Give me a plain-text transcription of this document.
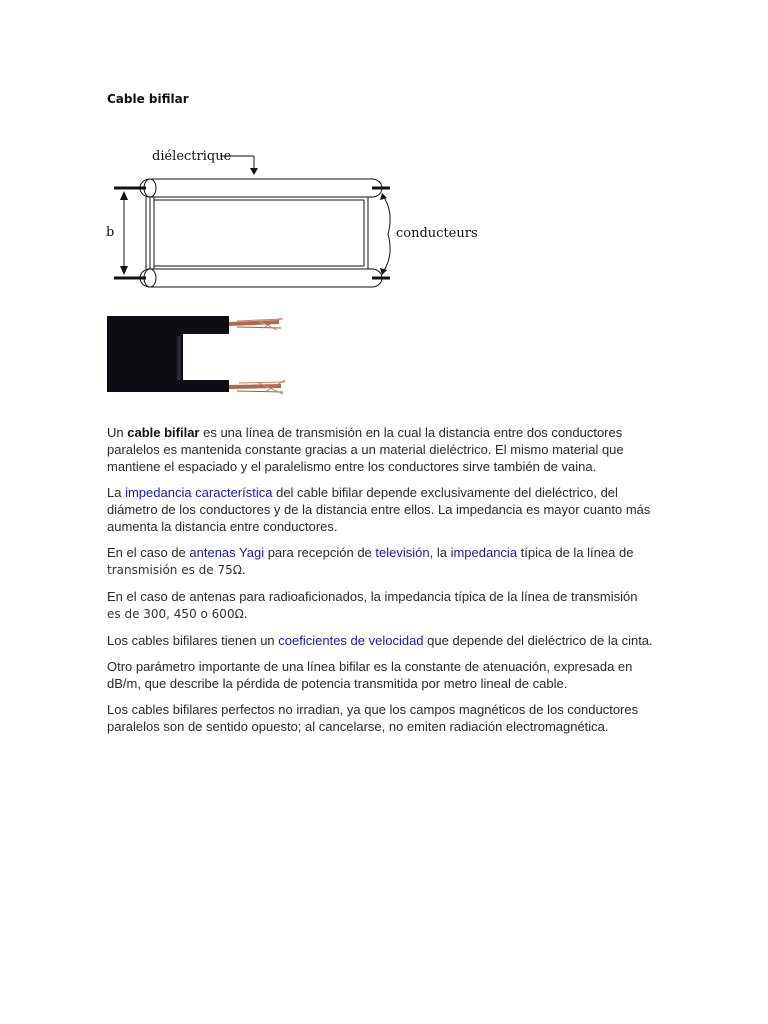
Cable bifilar
diélectrique
b	conducteurs

Un cable bifilar es una línea de transmisión en la cual la distancia entre dos conductores paralelos es mantenida constante gracias a un material dieléctrico. El mismo material que mantiene el espaciado y el paralelismo entre los conductores sirve también de vaina.

La impedancia característica del cable bifilar depende exclusivamente del dieléctrico, del diámetro de los conductores y de la distancia entre ellos. La impedancia es mayor cuanto más aumenta la distancia entre conductores.

En el caso de antenas Yagi para recepción de televisión, la impedancia típica de la línea de
transmisión es de 75Ω.

En el caso de antenas para radioaficionados, la impedancia típica de la línea de transmisión
es de 300, 450 o 600Ω.

Los cables bifilares tienen un coeficientes de velocidad que depende del dieléctrico de la cinta.

Otro parámetro importante de una línea bifilar es la constante de atenuación, expresada en dB/m, que describe la pérdida de potencia transmitida por metro lineal de cable.

Los cables bifilares perfectos no irradian, ya que los campos magnéticos de los conductores paralelos son de sentido opuesto; al cancelarse, no emiten radiación electromagnética.
